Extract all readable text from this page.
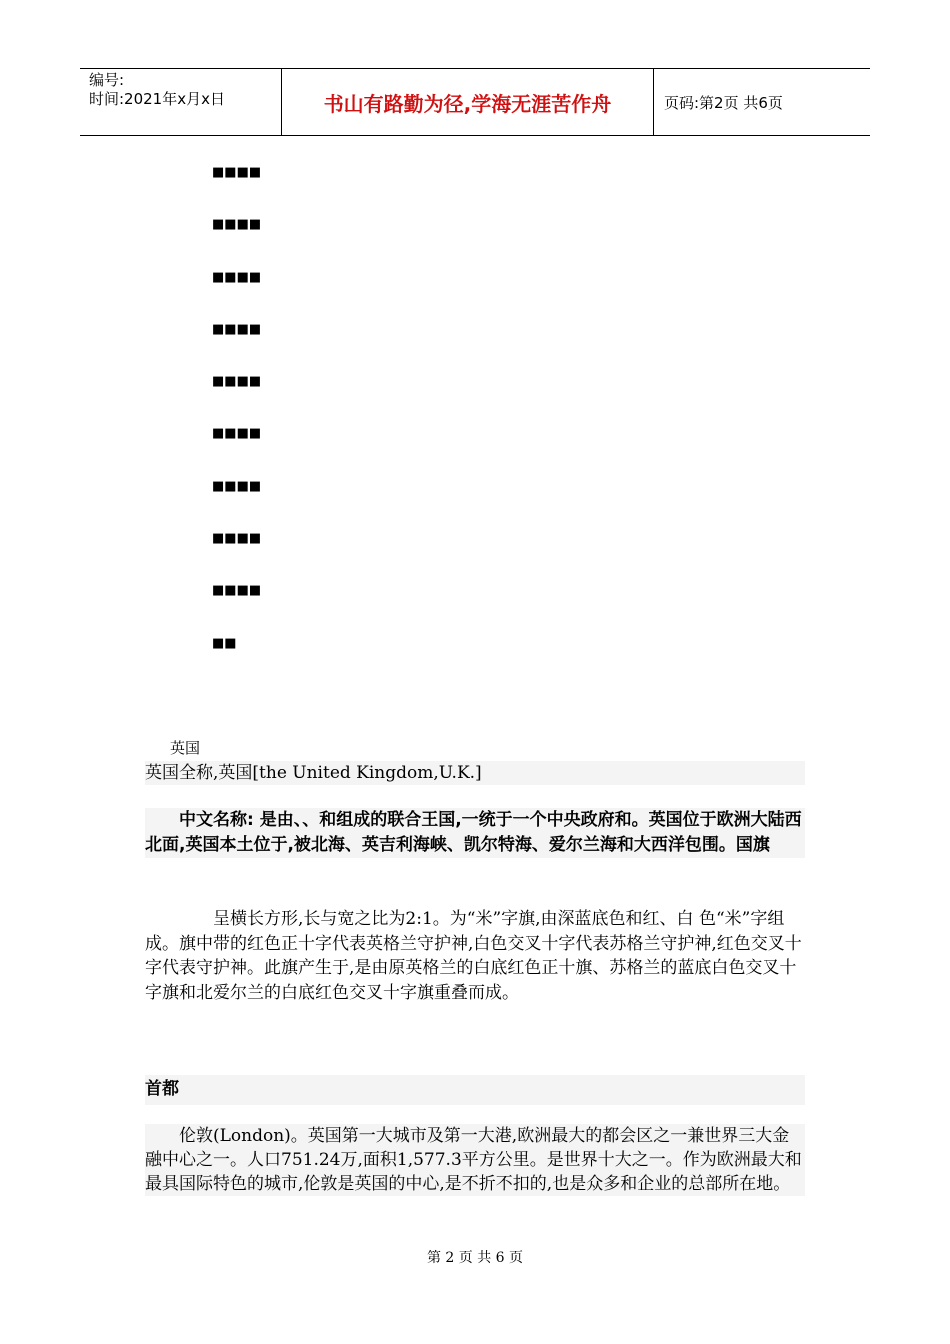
编号:
时间:2021年x月x日	书山有路勤为径,学海无涯苦作舟	页码:第2页 共6页
■■■■
■■■■
■■■■
■■■■
■■■■
■■■■
■■■■
■■■■
■■■■
■■
英国
英国全称,英国[the United Kingdom,U.K.]
中文名称: 是由、、和组成的联合王国,一统于一个中央政府和。英国位于欧洲大陆西北面,英国本土位于,被北海、英吉利海峡、凯尔特海、爱尔兰海和大西洋包围。国旗
呈横长方形,长与宽之比为2:1。为“米”字旗,由深蓝底色和红、白 色“米”字组成。旗中带的红色正十字代表英格兰守护神,白色交叉十字代表苏格兰守护神,红色交叉十字代表守护神。此旗产生于,是由原英格兰的白底红色正十旗、苏格兰的蓝底白色交叉十字旗和北爱尔兰的白底红色交叉十字旗重叠而成。
首都
伦敦(London)。英国第一大城市及第一大港,欧洲最大的都会区之一兼世界三大金融中心之一。人口751.24万,面积1,577.3平方公里。是世界十大之一。作为欧洲最大和最具国际特色的城市,伦敦是英国的中心,是不折不扣的,也是众多和企业的总部所在地。
第 2 页 共 6 页
